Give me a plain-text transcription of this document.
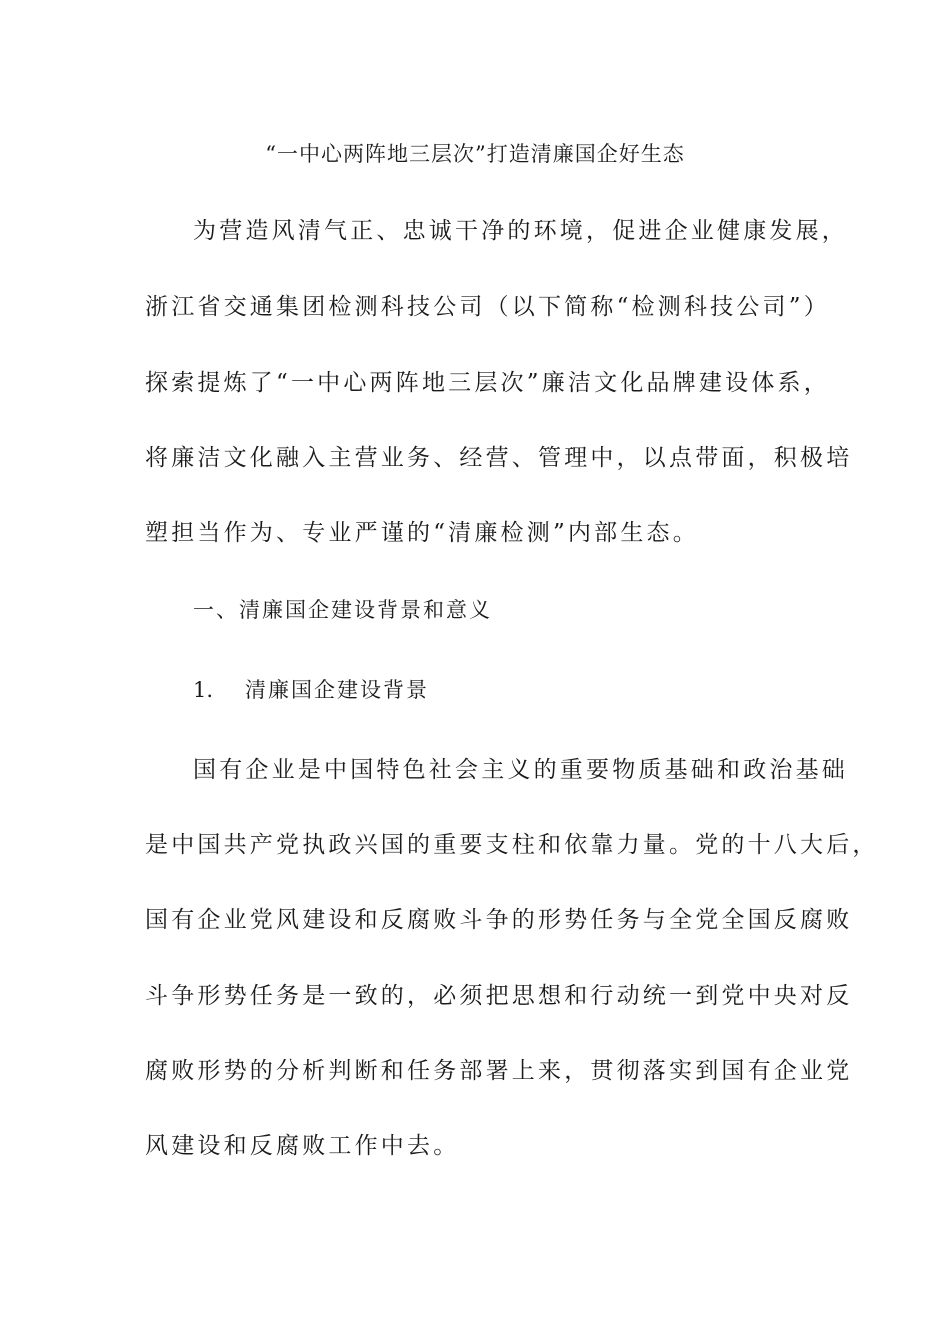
“一中心两阵地三层次”打造清廉国企好生态
为营造风清气正、忠诚干净的环境，促进企业健康发展，
浙江省交通集团检测科技公司（以下简称“检测科技公司”）
探索提炼了“一中心两阵地三层次”廉洁文化品牌建设体系，
将廉洁文化融入主营业务、经营、管理中，以点带面，积极培
塑担当作为、专业严谨的“清廉检测”内部生态。
一、清廉国企建设背景和意义
1. 清廉国企建设背景
国有企业是中国特色社会主义的重要物质基础和政治基础
是中国共产党执政兴国的重要支柱和依靠力量。党的十八大后，
国有企业党风建设和反腐败斗争的形势任务与全党全国反腐败
斗争形势任务是一致的，必须把思想和行动统一到党中央对反
腐败形势的分析判断和任务部署上来，贯彻落实到国有企业党
风建设和反腐败工作中去。
